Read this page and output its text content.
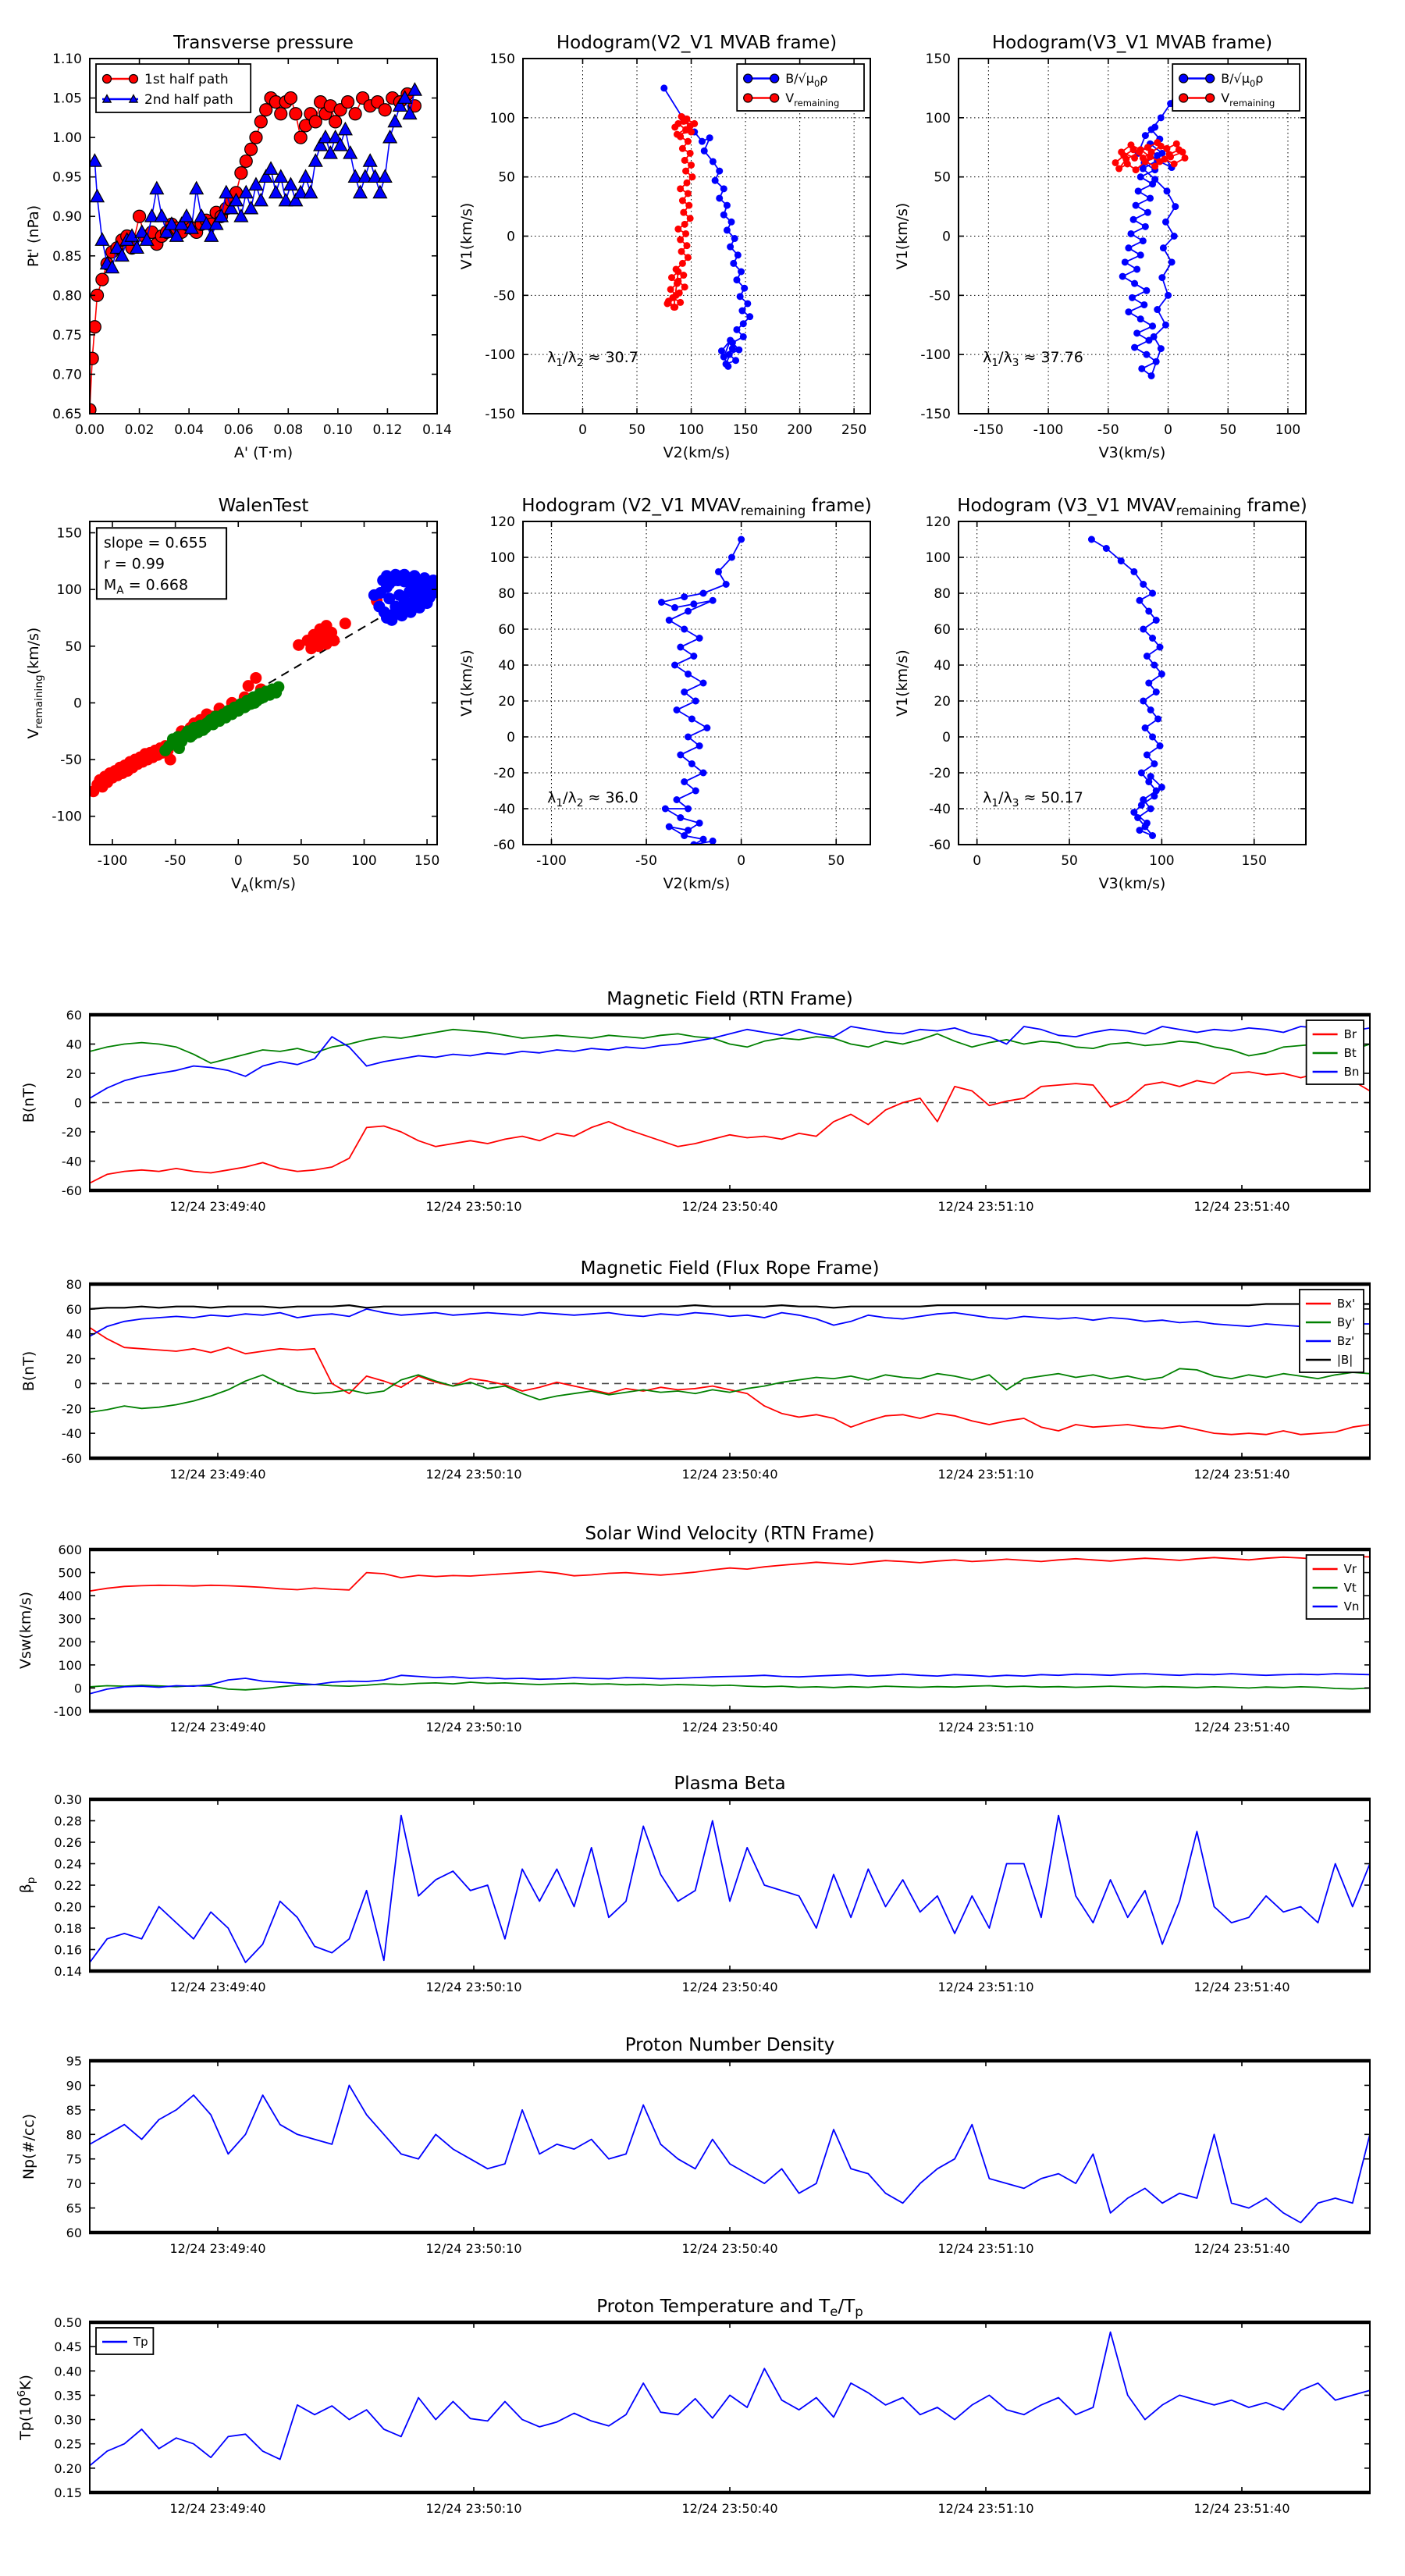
0.00 0.02 0.04 0.06 0.08 0.10 0.12 0.14
0.65
0.70
0.75
0.80
0.85
0.90
0.95
1.00
1.05
1.10
Transverse pressure
A' (T·m)
Pt' (nPa)
1st half path
2nd half path
0	50 100 150 200 250
-150
-100
-50
0
50
100
150
Hodogram(V2_V1 MVAB frame)
V2(km/s)
V1(km/s)
$B/√\mu_0\rho$
$V_{remaining}$
$\lambda_1/\lambda_2 \approx 30.7$
-150 -100	-50	0	50	100
-150
-100
-50
0
50
100
150
Hodogram(V3_V1 MVAB frame)
V3(km/s)
V1(km/s)
$B/√\mu_0\rho$
$V_{remaining}$
$\lambda_1/\lambda_3 \approx 37.76$
-100	-50	0	50	100	150
-100
-50
0
50
100
150
WalenTest
$V_A(km/s)$
$V_{remaining}(km/s)$
slope = 0.655
r = 0.99
$M_A = 0.668$
-100	-50	0	50
-60
-40
-20
0
20
40
60
80
100
120
Hodogram (V2_V1 $MVAV_{remaining}$ frame)
V2(km/s)
V1(km/s)
$\lambda_1/\lambda_2 \approx 36.0$
0	50	100	150
-60
-40
-20
0
20
40
60
80
100
120
Hodogram (V3_V1 $MVAV_{remaining}$ frame)
V3(km/s)
V1(km/s)
$\lambda_1/\lambda_3 \approx 50.17$
12/24 23:49:40	12/24 23:50:10	12/24 23:50:40	12/24 23:51:10	12/24 23:51:40
-60
-40
-20
0
20
40
60
Magnetic Field (RTN Frame)
B(nT)
Br
Bt
Bn
12/24 23:49:40	12/24 23:50:10	12/24 23:50:40	12/24 23:51:10	12/24 23:51:40
-60
-40
-20
0
20
40
60
80
Magnetic Field (Flux Rope Frame)
B(nT)
Bx'
By'
Bz'
|B|
12/24 23:49:40	12/24 23:50:10	12/24 23:50:40	12/24 23:51:10	12/24 23:51:40
-100
0
100
200
300
400
500
600
Solar Wind Velocity (RTN Frame)
Vsw(km/s)
Vr
Vt
Vn
12/24 23:49:40	12/24 23:50:10	12/24 23:50:40	12/24 23:51:10	12/24 23:51:40
0.14
0.16
0.18
0.20
0.22
0.24
0.26
0.28
0.30
Plasma Beta
$\beta_p$
12/24 23:49:40	12/24 23:50:10	12/24 23:50:40	12/24 23:51:10	12/24 23:51:40
60
65
70
75
80
85
90
95
Proton Number Density
Np(#/cc)
12/24 23:49:40	12/24 23:50:10	12/24 23:50:40	12/24 23:51:10	12/24 23:51:40
0.15
0.20
0.25
0.30
0.35
0.40
0.45
0.50
Proton Temperature and $T_e/T_p$
$Tp(10^6K)$
Tp
